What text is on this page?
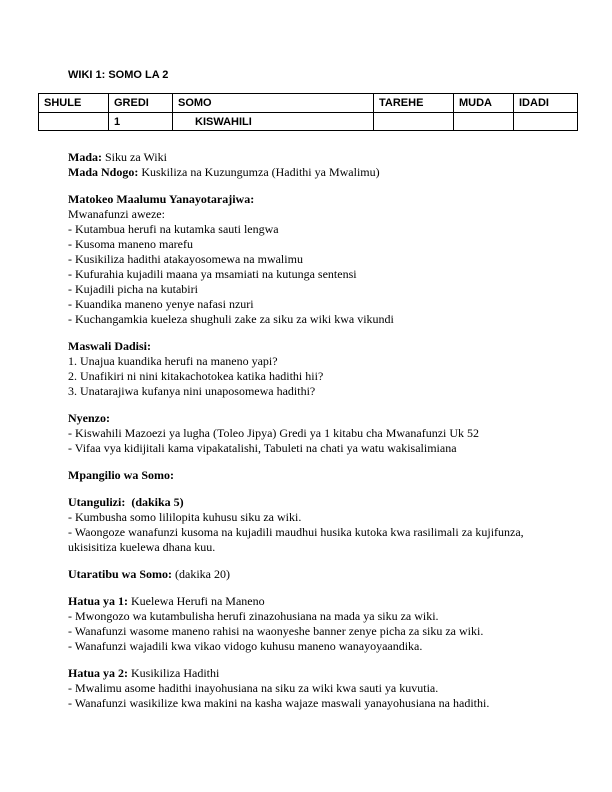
WIKI 1: SOMO LA 2
SHULE	GREDI	SOMO	TAREHE	MUDA	IDADI
	1	KISWAHILI			
Mada: Siku za Wiki
Mada Ndogo: Kuskiliza na Kuzungumza (Hadithi ya Mwalimu)
Matokeo Maalumu Yanayotarajiwa:
Mwanafunzi aweze:
- Kutambua herufi na kutamka sauti lengwa
- Kusoma maneno marefu
- Kusikiliza hadithi atakayosomewa na mwalimu
- Kufurahia kujadili maana ya msamiati na kutunga sentensi
- Kujadili picha na kutabiri
- Kuandika maneno yenye nafasi nzuri
- Kuchangamkia kueleza shughuli zake za siku za wiki kwa vikundi
Maswali Dadisi:
1. Unajua kuandika herufi na maneno yapi?
2. Unafikiri ni nini kitakachotokea katika hadithi hii?
3. Unatarajiwa kufanya nini unaposomewa hadithi?
Nyenzo:
- Kiswahili Mazoezi ya lugha (Toleo Jipya) Gredi ya 1 kitabu cha Mwanafunzi Uk 52
- Vifaa vya kidijitali kama vipakatalishi, Tabuleti na chati ya watu wakisalimiana
Mpangilio wa Somo:
Utangulizi:  (dakika 5)
- Kumbusha somo lililopita kuhusu siku za wiki.
- Waongoze wanafunzi kusoma na kujadili maudhui husika kutoka kwa rasilimali za kujifunza, ukisisitiza kuelewa dhana kuu.
Utaratibu wa Somo: (dakika 20)
Hatua ya 1: Kuelewa Herufi na Maneno
- Mwongozo wa kutambulisha herufi zinazohusiana na mada ya siku za wiki.
- Wanafunzi wasome maneno rahisi na waonyeshe banner zenye picha za siku za wiki.
- Wanafunzi wajadili kwa vikao vidogo kuhusu maneno wanayoyaandika.
Hatua ya 2: Kusikiliza Hadithi
- Mwalimu asome hadithi inayohusiana na siku za wiki kwa sauti ya kuvutia.
- Wanafunzi wasikilize kwa makini na kasha wajaze maswali yanayohusiana na hadithi.
